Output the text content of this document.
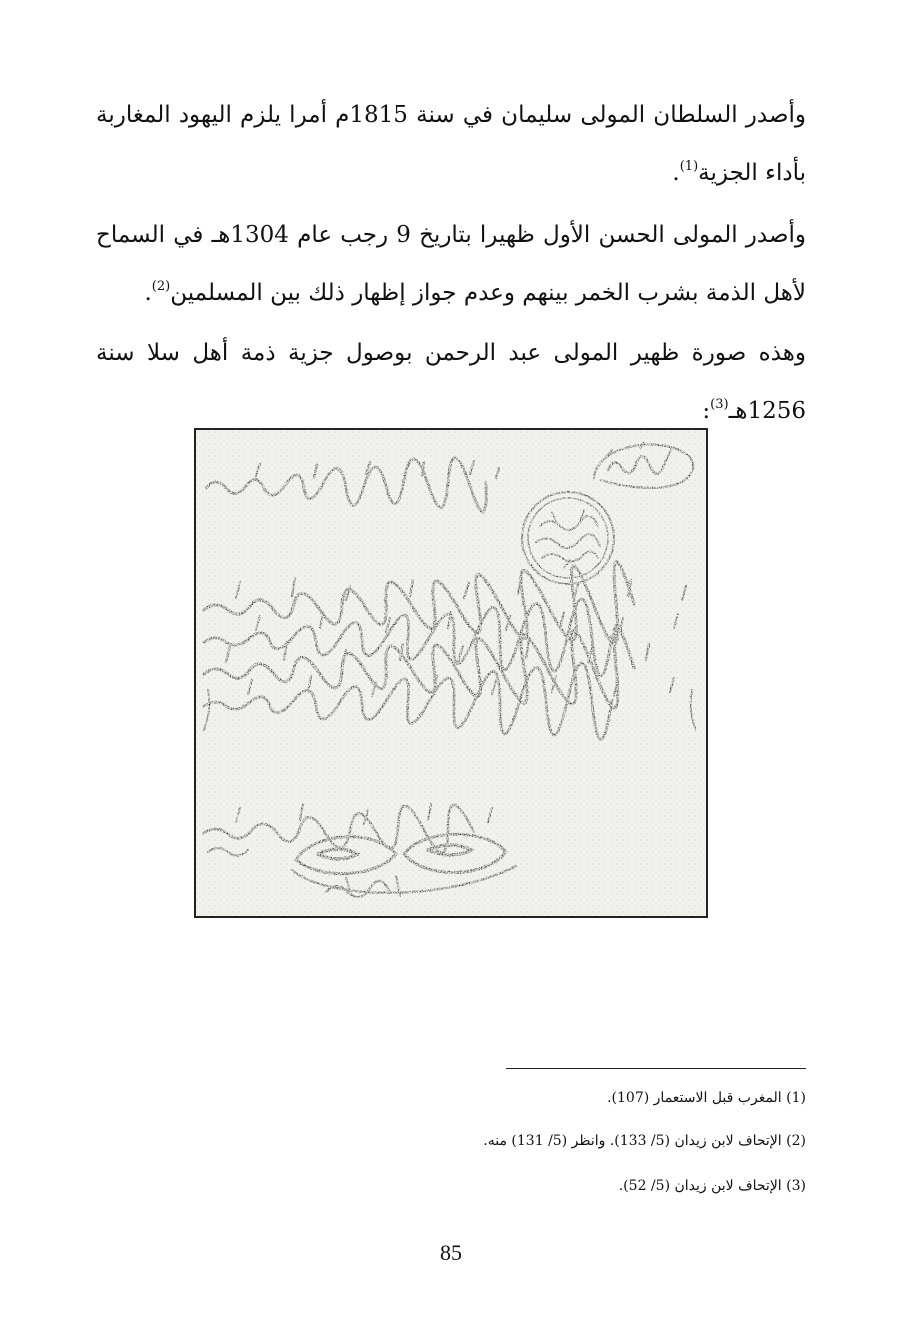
وأصدر السلطان المولى سليمان في سنة 1815م أمرا يلزم اليهود المغاربة بأداء الجزية$^{(1)}$.

وأصدر المولى الحسن الأول ظهيرا بتاريخ 9 رجب عام 1304هـ في السماح لأهل الذمة بشرب الخمر بينهم وعدم جواز إظهار ذلك بين المسلمين$^{(2)}$.

وهذه صورة ظهير المولى عبد الرحمن بوصول جزية ذمة أهل سلا سنة 1256هـ$^{(3)}$:

(1) المغرب قبل الاستعمار (107).

(2) الإتحاف لابن زيدان (5/ 133). وانظر (5/ 131) منه.

(3) الإتحاف لابن زيدان (5/ 52).

85
